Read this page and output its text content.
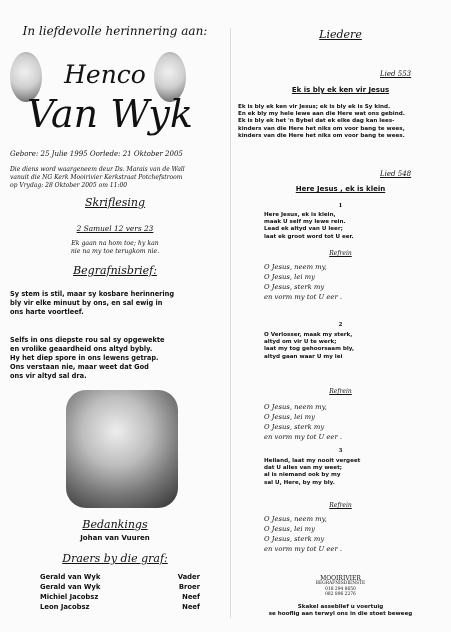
In liefdevolle herinnering aan:
Henco
Van Wyk
Gebore: 25 Julie 1995 Oorlede: 21 Oktober 2005
Die diens word waargeneem deur Ds. Marais van de Wall
vanuit die NG Kerk Mooirivier Kerkstraat Potchefstroom
op Vrydag: 28 Oktober 2005 om 11:00
Skriflesing
2 Samuel 12 vers 23
Ek gaan na hom toe; hy kan
nie na my toe terugkom nie.
Begrafnisbrief:
Sy stem is stil, maar sy kosbare herinnering
bly vir elke minuut by ons, en sal ewig in
ons harte voortleef.
Selfs in ons diepste rou sal sy opgewekte
en vrolike geaardheid ons altyd bybly.
Hy het diep spore in ons lewens getrap.
Ons verstaan nie, maar weet dat God
ons vir altyd sal dra.
Bedankings
Johan van Vuuren
Draers by die graf:
Gerald van Wyk	Vader
Gerald van Wyk	Broer
Michiel Jacobsz	Neef
Leon Jacobsz	Neef
Liedere
Lied 553
Ek is bly ek ken vir Jesus
Ek is bly ek ken vir Jesus; ek is bly ek is Sy kind.
En ek bly my hele lewe aan die Here wat ons gebind.
Ek is bly ek het 'n Bybel dat ek elke dag kan lees-
kinders van die Here het niks om voor bang te wees,
kinders van die Here het niks om voor bang te wees.
Lied 548
Here Jesus , ek is klein
1
Here Jesus, ek is klein,
maak U self my lewe rein.
Lead ek altyd van U leer;
laat ek groot word tot U eer.
Refrein
O Jesus, neem my,
O Jesus, lei my
O Jesus, sterk my
en vorm my tot U eer .
2
O Verlosser, maak my sterk,
altyd om vir U te werk;
laat my tog gehoorsaam bly,
altyd gaan waar U my lei
Refrein
O Jesus, neem my,
O Jesus, lei my
O Jesus, sterk my
en vorm my tot U eer .
3
Heiland, laat my nooit vergeet
dat U alles van my weet;
al is niemand ook by my
sal U, Here, by my bly.
Refrein
O Jesus, neem my,
O Jesus, lei my
O Jesus, sterk my
en vorm my tot U eer .
MOOIRIVIER
BEGRAFNISDIENSTE
018 294 8650
082 896 2276
Skakel asseblief u voertuig
se hooflig aan terwyl ons in die stoet beweeg
